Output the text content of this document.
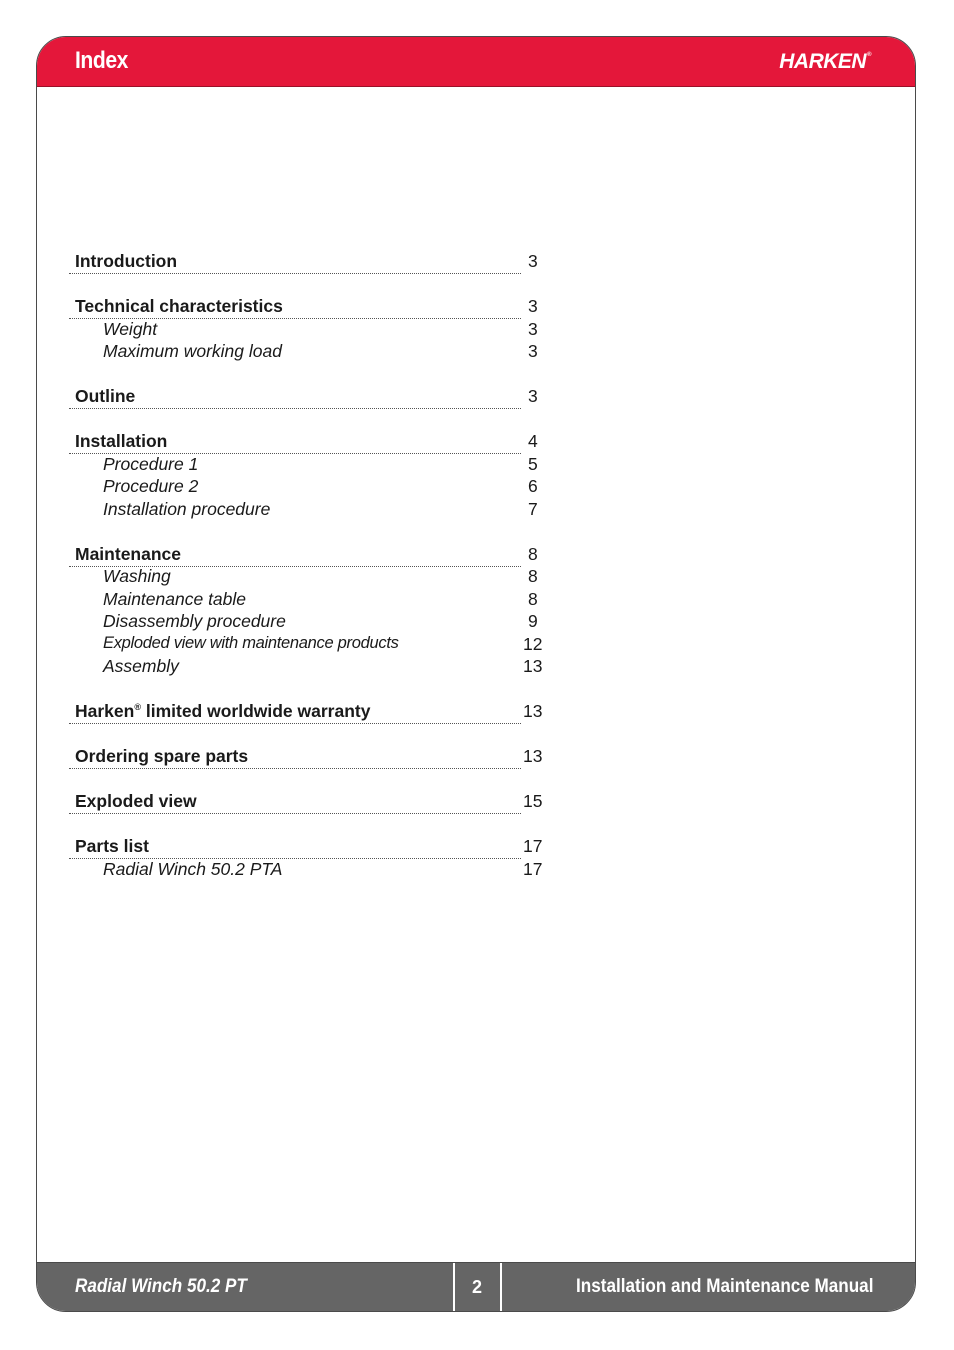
Index	HARKEN®
Introduction	3
Technical characteristics	3
Weight	3
Maximum working load	3
Outline	3
Installation	4
Procedure 1	5
Procedure 2	6
Installation procedure	7
Maintenance	8
Washing	8
Maintenance table	8
Disassembly procedure	9
Exploded view with maintenance products	12
Assembly	13
Harken® limited worldwide warranty	13
Ordering spare parts	13
Exploded view	15
Parts list	17
Radial Winch 50.2 PTA	17
Radial Winch 50.2 PT	2	Installation and Maintenance Manual
